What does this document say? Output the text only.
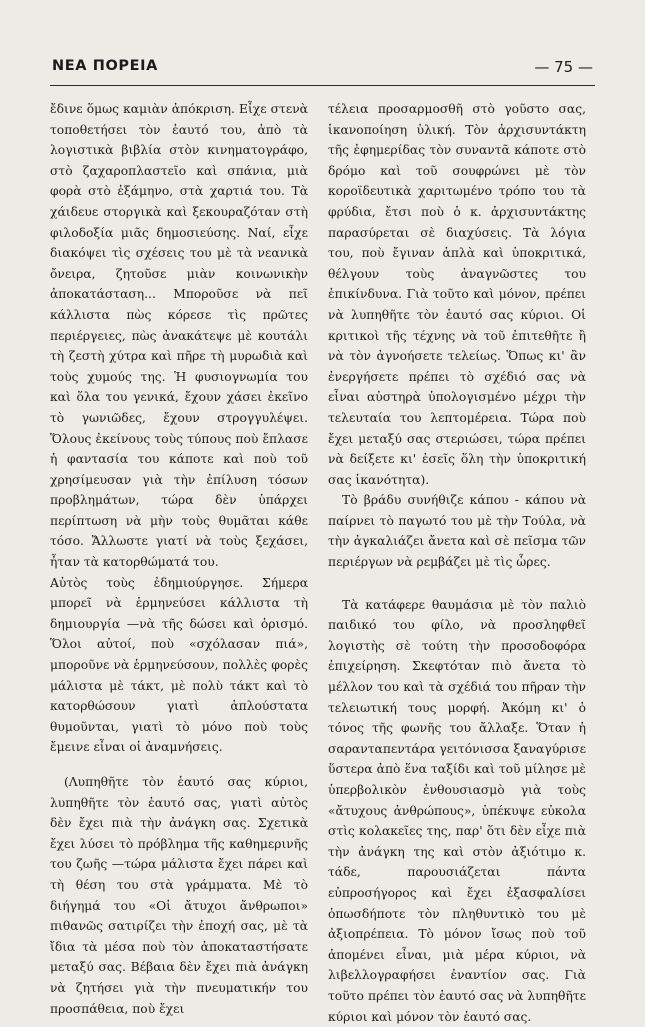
ΝΕΑ ΠΟΡΕΙΑ	— 75 —

ἔδινε ὅμως καμιὰν ἀπόκριση. Εἶχε στενὰ τοποθετήσει τὸν ἑαυτό του, ἀπὸ τὰ λογιστικὰ βιβλία στὸν κινηματογράφο, στὸ ζαχαροπλαστεῖο καὶ σπάνια, μιὰ φορὰ στὸ ἑξάμηνο, στὰ χαρτιά του. Τὰ χάιδευε στοργικὰ καὶ ξεκουραζόταν στὴ φιλοδοξία μιᾶς δημοσιεύσης. Ναί, εἶχε διακόψει τὶς σχέσεις του μὲ τὰ νεανικὰ ὄνειρα, ζητοῦσε μιὰν κοινωνικὴν ἀποκατάσταση... Μποροῦσε νὰ πεῖ κάλλιστα πὼς κόρεσε τὶς πρῶτες περιέργειες, πὼς ἀνακάτεψε μὲ κουτάλι τὴ ζεστὴ χύτρα καὶ πῆρε τὴ μυρωδιὰ καὶ τοὺς χυμούς της. Ἡ φυσιογνωμία του καὶ ὅλα του γενικά, ἔχουν χάσει ἐκεῖνο τὸ γωνιῶδες, ἔχουν στρογγυλέψει. Ὅλους ἐκείνους τοὺς τύπους ποὺ ἔπλασε ἡ φαντασία του κάποτε καὶ ποὺ τοῦ χρησίμευσαν γιὰ τὴν ἐπίλυση τόσων προβλημάτων, τώρα δὲν ὑπάρχει περίπτωση νὰ μὴν τοὺς θυμᾶται κάθε τόσο. Ἄλλωστε γιατί νὰ τοὺς ξεχάσει, ἦταν τὰ κατορθώματά του.

Αὐτὸς τοὺς ἐδημιούργησε. Σήμερα μπορεῖ νὰ ἑρμηνεύσει κάλλιστα τὴ δημιουργία —νὰ τῆς δώσει καὶ ὁρισμό. Ὅλοι αὐτοί, ποὺ «σχόλασαν πιά», μποροῦνε νὰ ἑρμηνεύσουν, πολλὲς φορὲς μάλιστα μὲ τάκτ, μὲ πολὺ τάκτ καὶ τὸ κατορθώσουν γιατὶ ἁπλούστατα θυμοῦνται, γιατὶ τὸ μόνο ποὺ τοὺς ἔμεινε εἶναι οἱ ἀναμνήσεις.

(Λυπηθῆτε τὸν ἑαυτό σας κύριοι, λυπηθῆτε τὸν ἑαυτό σας, γιατὶ αὐτὸς δὲν ἔχει πιὰ τὴν ἀνάγκη σας. Σχετικὰ ἔχει λύσει τὸ πρόβλημα τῆς καθημερινῆς του ζωῆς —τώρα μάλιστα ἔχει πάρει καὶ τὴ θέση του στὰ γράμματα. Μὲ τὸ διήγημά του «Οἱ ἄτυχοι ἄνθρωποι» πιθανῶς σατιρίζει τὴν ἐποχή σας, μὲ τὰ ἴδια τὰ μέσα ποὺ τὸν ἀποκαταστήσατε μεταξύ σας. Βέβαια δὲν ἔχει πιὰ ἀνάγκη νὰ ζητήσει γιὰ τὴν πνευματικήν του προσπάθεια, ποὺ ἔχει

τέλεια προσαρμοσθῆ στὸ γοῦστο σας, ἱκανοποίηση ὑλική. Τὸν ἀρχισυντάκτη τῆς ἐφημερίδας τὸν συναντᾶ κάποτε στὸ δρόμο καὶ τοῦ σουφρώνει μὲ τὸν κοροϊδευτικὰ χαριτωμένο τρόπο του τὰ φρύδια, ἔτσι ποὺ ὁ κ. ἀρχισυντάκτης παρασύρεται σὲ διαχύσεις. Τὰ λόγια του, ποὺ ἔγιναν ἁπλὰ καὶ ὑποκριτικά, θέλγουν τοὺς ἀναγνῶστες του ἐπικίνδυνα. Γιὰ τοῦτο καὶ μόνον, πρέπει νὰ λυπηθῆτε τὸν ἑαυτό σας κύριοι. Οἱ κριτικοὶ τῆς τέχνης νὰ τοῦ ἐπιτεθῆτε ἢ νὰ τὸν ἀγνοήσετε τελείως. Ὅπως κι' ἂν ἐνεργήσετε πρέπει τὸ σχέδιό σας νὰ εἶναι αὐστηρὰ ὑπολογισμένο μέχρι τὴν τελευταία του λεπτομέρεια. Τώρα ποὺ ἔχει μεταξύ σας στεριώσει, τώρα πρέπει νὰ δείξετε κι' ἐσεῖς ὅλη τὴν ὑποκριτική σας ἱκανότητα).

Τὸ βράδυ συνήθιζε κάπου - κάπου νὰ παίρνει τὸ παγωτό του μὲ τὴν Τούλα, νὰ τὴν ἀγκαλιάζει ἄνετα καὶ σὲ πεῖσμα τῶν περιέργων νὰ ρεμβάζει μὲ τὶς ὧρες.

Τὰ κατάφερε θαυμάσια μὲ τὸν παλιὸ παιδικό του φίλο, νὰ προσληφθεῖ λογιστὴς σὲ τούτη τὴν προσοδοφόρα ἐπιχείρηση. Σκεφτόταν πιὸ ἄνετα τὸ μέλλον του καὶ τὰ σχέδιά του πῆραν τὴν τελειωτική τους μορφή. Ἀκόμη κι' ὁ τόνος τῆς φωνῆς του ἄλλαξε. Ὅταν ἡ σαρανταπεντάρα γειτόνισσα ξαναγύρισε ὕστερα ἀπὸ ἕνα ταξίδι καὶ τοῦ μίλησε μὲ ὑπερβολικὸν ἐνθουσιασμὸ γιὰ τοὺς «ἄτυχους ἀνθρώπους», ὑπέκυψε εὐκολα στὶς κολακεῖες της, παρ' ὅτι δὲν εἶχε πιὰ τὴν ἀνάγκη της καὶ στὸν ἀξιότιμο κ. τάδε, παρουσιάζεται πάντα εὐπροσήγορος καὶ ἔχει ἐξασφαλίσει ὁπωσδήποτε τὸν πληθυντικὸ του μὲ ἀξιοπρέπεια. Τὸ μόνον ἴσως ποὺ τοῦ ἀπομένει εἶναι, μιὰ μέρα κύριοι, νὰ λιβελλογραφήσει ἐναντίον σας. Γιὰ τοῦτο πρέπει τὸν ἑαυτό σας νὰ λυπηθῆτε κύριοι καὶ μόνον τὸν ἑαυτό σας.
